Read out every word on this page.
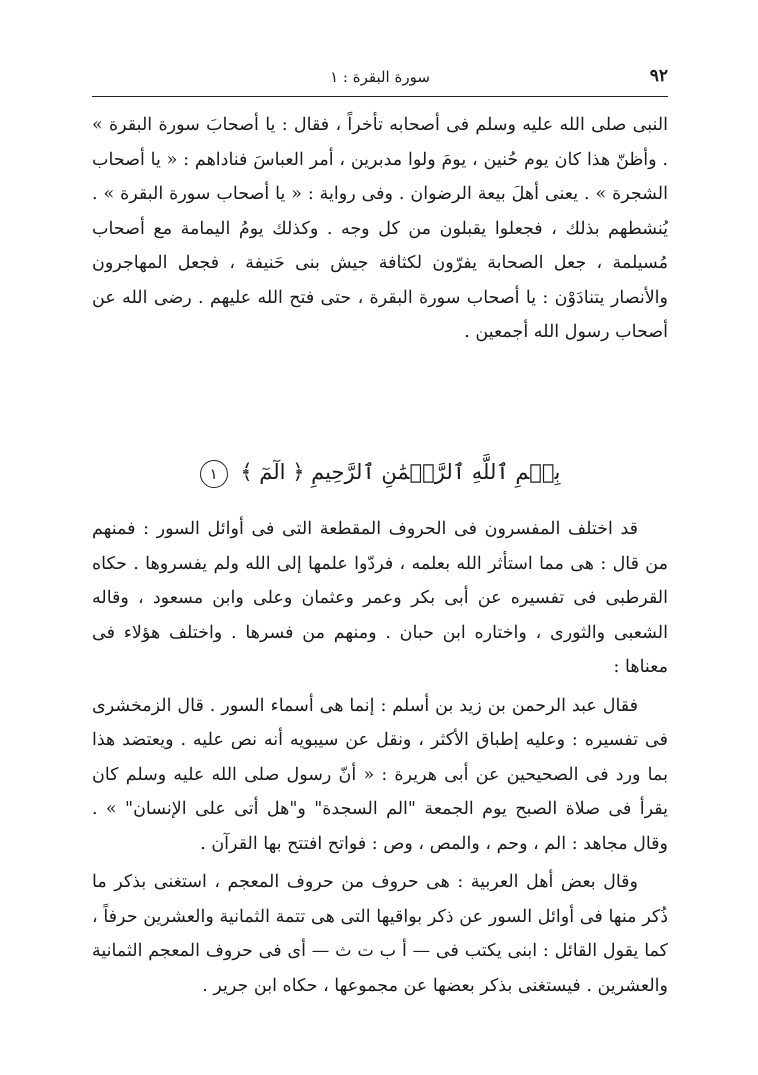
٩٢
سورة البقرة : ١

النبى صلى الله عليه وسلم فى أصحابه تأخراً ، فقال : يا أصحابَ سورة البقرة » . وأظنّ هذا كان يوم حُنين ، يومَ ولوا مدبرين ، أمر العباسَ فناداهم : « يا أصحاب الشجرة » . يعنى أهلَ بيعة الرضوان . وفى رواية : « يا أصحاب سورة البقرة » . يُنشطهم بذلك ، فجعلوا يقبلون من كل وجه . وكذلك يومُ اليمامة مع أصحاب مُسيلمة ، جعل الصحابة يفرّون لكثافة جيش بنى حَنيفة ، فجعل المهاجرون والأنصار يتنادَوْن : يا أصحاب سورة البقرة ، حتى فتح الله عليهم . رضى الله عن أصحاب رسول الله أجمعين .

بِسۡمِ ٱللَّهِ ٱلرَّحۡمَٰنِ ٱلرَّحِيمِ ﴿ الٓمٓ ﴾ ١

قد اختلف المفسرون فى الحروف المقطعة التى فى أوائل السور : فمنهم من قال : هى مما استأثر الله بعلمه ، فردّوا علمها إلى الله ولم يفسروها . حكاه القرطبى فى تفسيره عن أبى بكر وعمر وعثمان وعلى وابن مسعود ، وقاله الشعبى والثورى ، واختاره ابن حبان . ومنهم من فسرها . واختلف هؤلاء فى معناها :

فقال عبد الرحمن بن زيد بن أسلم : إنما هى أسماء السور . قال الزمخشرى فى تفسيره : وعليه إطباق الأكثر ، ونقل عن سيبويه أنه نص عليه . ويعتضد هذا بما ورد فى الصحيحين عن أبى هريرة : « أنّ رسول صلى الله عليه وسلم كان يقرأ فى صلاة الصبح يوم الجمعة "الم السجدة" و"هل أتى على الإنسان" » . وقال مجاهد : الم ، وحم ، والمص ، وص : فواتح افتتح بها القرآن .

وقال بعض أهل العربية : هى حروف من حروف المعجم ، استغنى بذكر ما ذُكر منها فى أوائل السور عن ذكر بواقيها التى هى تتمة الثمانية والعشرين حرفاً ، كما يقول القائل : ابنى يكتب فى — أ ب ت ث — أى فى حروف المعجم الثمانية والعشرين . فيستغنى بذكر بعضها عن مجموعها ، حكاه ابن جرير .
